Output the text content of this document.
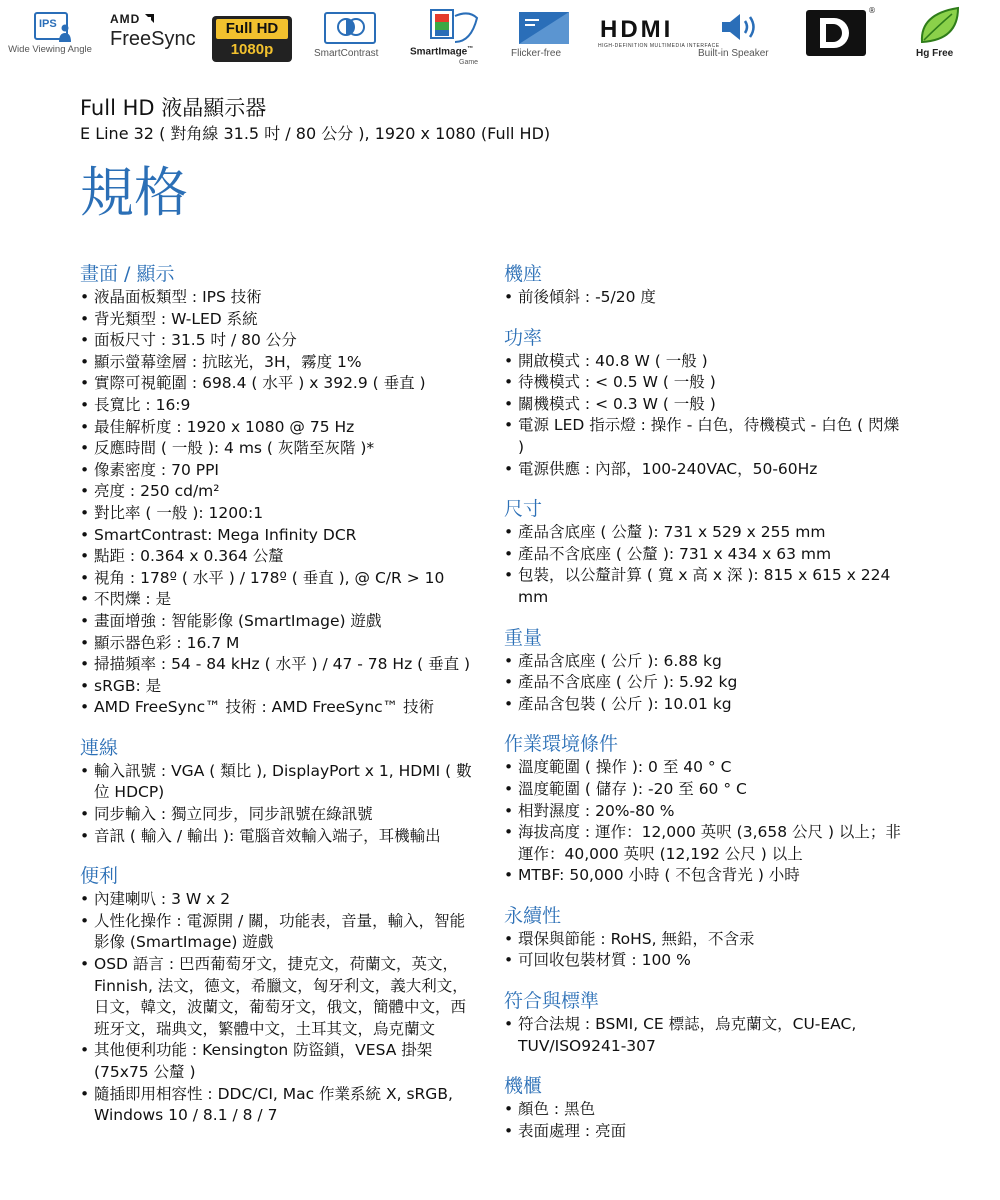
IPS
Wide Viewing Angle
AMD
FreeSync	Full HD
1080p	SmartContrast	SmartImage™
Game
Flicker-free
HDMI
HIGH-DEFINITION MULTIMEDIA INTERFACE
Built-in Speaker
®
Hg Free
Full HD 液晶顯示器
E Line 32 ( 對角線 31.5 吋 / 80 公分 ), 1920 x 1080 (Full HD)
規格
畫面 / 顯示
• 液晶面板類型 : IPS 技術
• 背光類型 : W-LED 系統
• 面板尺寸 : 31.5 吋 / 80 公分
• 顯示螢幕塗層 : 抗眩光，3H，霧度 1%
• 實際可視範圍 : 698.4 ( 水平 ) x 392.9 ( 垂直 )
• 長寬比 : 16:9
• 最佳解析度 : 1920 x 1080 @ 75 Hz
• 反應時間 ( 一般 ): 4 ms ( 灰階至灰階 )*
• 像素密度 : 70 PPI
• 亮度 : 250 cd/m²
• 對比率 ( 一般 ): 1200:1
• SmartContrast: Mega Infinity DCR
• 點距 : 0.364 x 0.364 公釐
• 視角 : 178º ( 水平 ) / 178º ( 垂直 ), @ C/R > 10
• 不閃爍 : 是
• 畫面增強 : 智能影像 (SmartImage) 遊戲
• 顯示器色彩 : 16.7 M
• 掃描頻率 : 54 - 84 kHz ( 水平 ) / 47 - 78 Hz ( 垂直 )
• sRGB: 是
• AMD FreeSync™ 技術 : AMD FreeSync™ 技術
連線
• 輸入訊號 : VGA ( 類比 ), DisplayPort x 1, HDMI ( 數位 HDCP)
• 同步輸入 : 獨立同步，同步訊號在綠訊號
• 音訊 ( 輸入 / 輸出 ): 電腦音效輸入端子，耳機輸出
便利
• 內建喇叭 : 3 W x 2
• 人性化操作 : 電源開 / 關，功能表，音量，輸入，智能影像 (SmartImage) 遊戲
• OSD 語言 : 巴西葡萄牙文，捷克文，荷蘭文，英文，Finnish, 法文，德文，希臘文，匈牙利文，義大利文，日文，韓文，波蘭文，葡萄牙文，俄文，簡體中文，西班牙文，瑞典文，繁體中文，土耳其文，烏克蘭文
• 其他便利功能 : Kensington 防盜鎖，VESA 掛架 (75x75 公釐 )
• 隨插即用相容性 : DDC/CI, Mac 作業系統 X, sRGB, Windows 10 / 8.1 / 8 / 7
機座
• 前後傾斜 : -5/20 度
功率
• 開啟模式 : 40.8 W ( 一般 )
• 待機模式 : < 0.5 W ( 一般 )
• 關機模式 : < 0.3 W ( 一般 )
• 電源 LED 指示燈 : 操作 - 白色，待機模式 - 白色 ( 閃爍 )
• 電源供應 : 內部，100-240VAC，50-60Hz
尺寸
• 產品含底座 ( 公釐 ): 731 x 529 x 255 mm
• 產品不含底座 ( 公釐 ): 731 x 434 x 63 mm
• 包裝，以公釐計算 ( 寬 x 高 x 深 ): 815 x 615 x 224 mm
重量
• 產品含底座 ( 公斤 ): 6.88 kg
• 產品不含底座 ( 公斤 ): 5.92 kg
• 產品含包裝 ( 公斤 ): 10.01 kg
作業環境條件
• 溫度範圍 ( 操作 ): 0 至 40 ° C
• 溫度範圍 ( 儲存 ): -20 至 60 ° C
• 相對濕度 : 20%-80 %
• 海拔高度 : 運作：12,000 英呎 (3,658 公尺 ) 以上；非運作：40,000 英呎 (12,192 公尺 ) 以上
• MTBF: 50,000 小時 ( 不包含背光 ) 小時
永續性
• 環保與節能 : RoHS, 無鉛，不含汞
• 可回收包裝材質 : 100 %
符合與標準
• 符合法規 : BSMI, CE 標誌，烏克蘭文，CU-EAC, TUV/ISO9241-307
機櫃
• 顏色 : 黑色
• 表面處理 : 亮面
